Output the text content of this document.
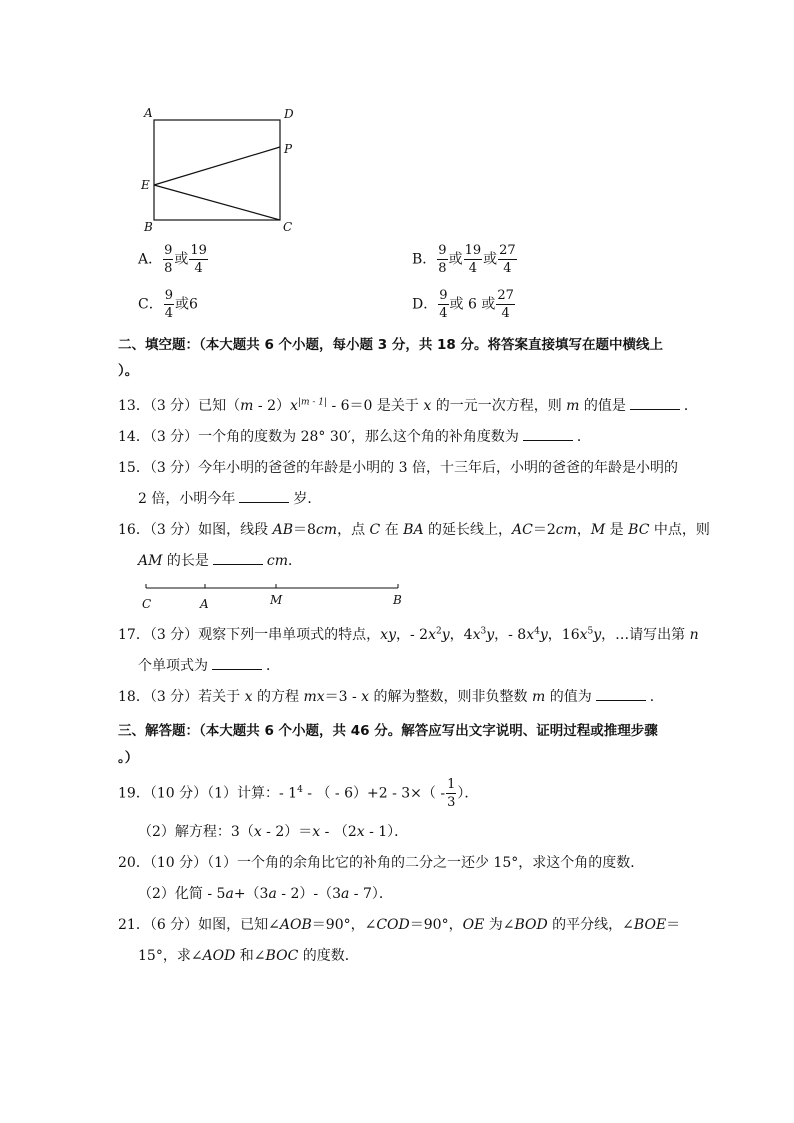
A	D
P
E
B	C
A． $\frac{9}{8}$ 或 $\frac{19}{4}$	B． $\frac{9}{8}$ 或 $\frac{19}{4}$ 或 $\frac{27}{4}$
C． $\frac{9}{4}$ 或6	D． $\frac{9}{4}$ 或 6 或 $\frac{27}{4}$
二、填空题：（本大题共 6 个小题，每小题 3 分，共 18 分。将答案直接填写在题中横线上
）。
13．（3 分）已知$(m - 2)x^{|m - 1|} - 6=0$ 是关于 x 的一元一次方程，则 m 的值是	．
14．（3 分）一个角的度数为 28° 30′，那么这个角的补角度数为	．
15．（3 分）今年小明的爸爸的年龄是小明的 3 倍，十三年后，小明的爸爸的年龄是小明的
2 倍，小明今年	岁．
16．（3 分）如图，线段 AB＝8cm，点 C 在 BA 的延长线上，AC＝2cm，M 是 BC 中点，则
AM 的长是	cm．
C	A	M	B
17．（3 分）观察下列一串单项式的特点，xy，- $2x^2y$，$4x^3y$，- $8x^4y$，$16x^5y$，…请写出第 n
个单项式为	．
18．（3 分）若关于 x 的方程 mx＝3 - x 的解为整数，则非负整数 m 的值为	．
三、解答题：（本大题共 6 个小题，共 46 分。解答应写出文字说明、证明过程或推理步骤
。）
19．（10 分）（1）计算：- $1^4$ - （ - $6)+2 - 3\times( - \frac{1}{3}$ ）．
（2）解方程：3（x - 2）＝x - （2x - 1）．
20．（10 分）（1）一个角的余角比它的补角的二分之一还少 15°，求这个角的度数．
（2）化简 - 5a+（3a - 2）-（3a - 7）．
21．（6 分）如图，已知∠AOB＝90°，∠COD＝90°，OE 为∠BOD 的平分线，∠BOE＝
15°，求∠AOD 和∠BOC 的度数．
